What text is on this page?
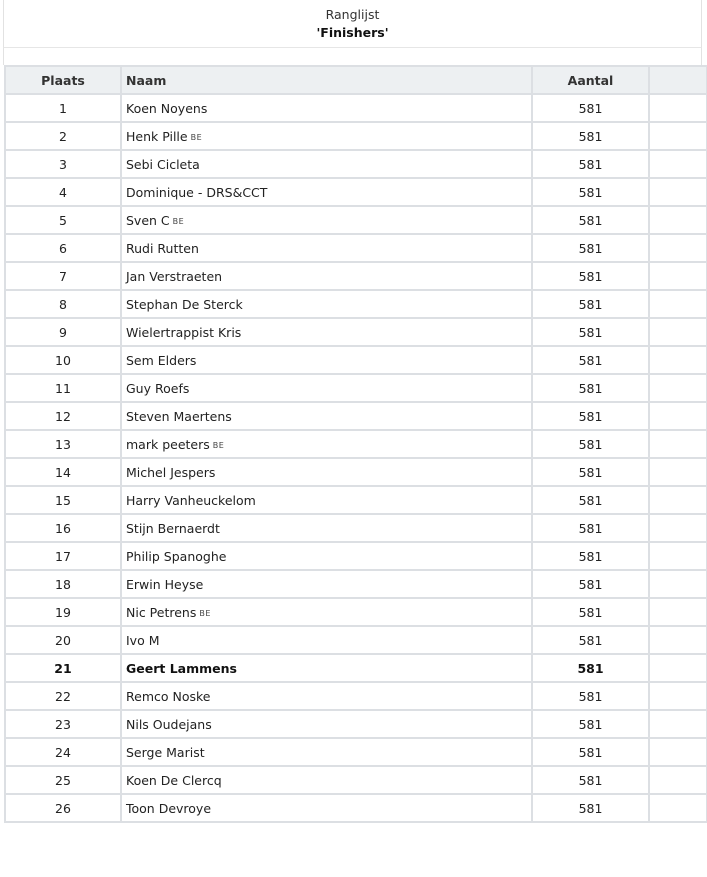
Ranglijst
'Finishers'
Plaats	Naam	Aantal	
1	Koen Noyens	581	
2	Henk Pille BE	581	
3	Sebi Cicleta	581	
4	Dominique - DRS&CCT	581	
5	Sven C BE	581	
6	Rudi Rutten	581	
7	Jan Verstraeten	581	
8	Stephan De Sterck	581	
9	Wielertrappist Kris	581	
10	Sem Elders	581	
11	Guy Roefs	581	
12	Steven Maertens	581	
13	mark peeters BE	581	
14	Michel Jespers	581	
15	Harry Vanheuckelom	581	
16	Stijn Bernaerdt	581	
17	Philip Spanoghe	581	
18	Erwin Heyse	581	
19	Nic Petrens BE	581	
20	Ivo M	581	
21	Geert Lammens	581	
22	Remco Noske	581	
23	Nils Oudejans	581	
24	Serge Marist	581	
25	Koen De Clercq	581	
26	Toon Devroye	581	
